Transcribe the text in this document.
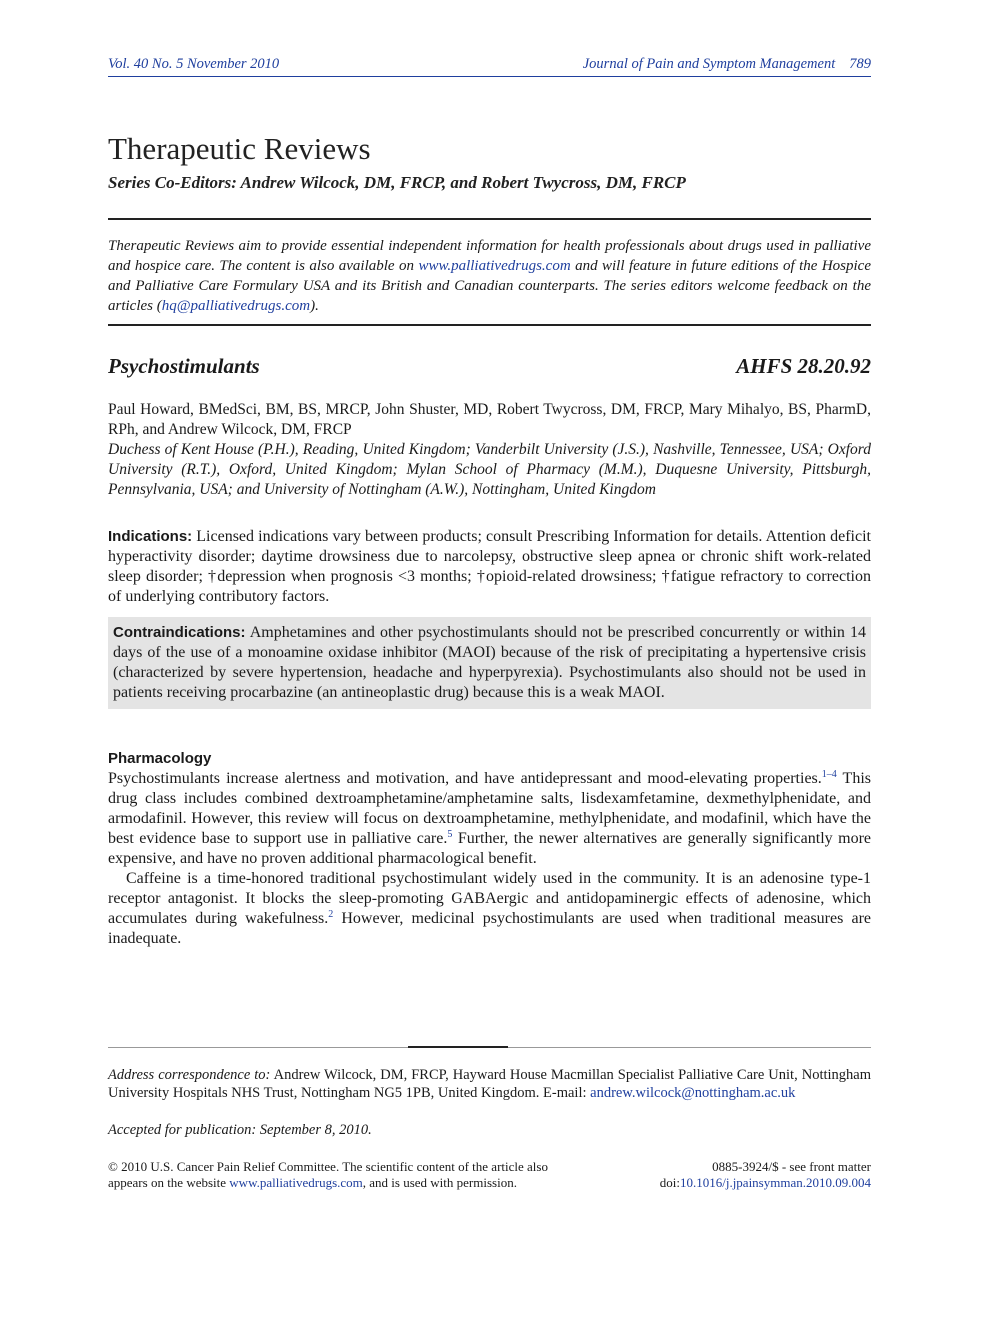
Vol. 40 No. 5 November 2010	Journal of Pain and Symptom Management 789
Therapeutic Reviews
Series Co-Editors: Andrew Wilcock, DM, FRCP, and Robert Twycross, DM, FRCP
Therapeutic Reviews aim to provide essential independent information for health professionals about drugs used in palliative and hospice care. The content is also available on www.palliativedrugs.com and will feature in future editions of the Hospice and Palliative Care Formulary USA and its British and Canadian counterparts. The series editors welcome feedback on the articles (hq@palliativedrugs.com).
Psychostimulants	AHFS 28.20.92
Paul Howard, BMedSci, BM, BS, MRCP, John Shuster, MD, Robert Twycross, DM, FRCP, Mary Mihalyo, BS, PharmD, RPh, and Andrew Wilcock, DM, FRCP
Duchess of Kent House (P.H.), Reading, United Kingdom; Vanderbilt University (J.S.), Nashville, Tennessee, USA; Oxford University (R.T.), Oxford, United Kingdom; Mylan School of Pharmacy (M.M.), Duquesne University, Pittsburgh, Pennsylvania, USA; and University of Nottingham (A.W.), Nottingham, United Kingdom
Indications: Licensed indications vary between products; consult Prescribing Information for details. Attention deficit hyperactivity disorder; daytime drowsiness due to narcolepsy, obstructive sleep apnea or chronic shift work-related sleep disorder; †depression when prognosis <3 months; †opioid-related drowsiness; †fatigue refractory to correction of underlying contributory factors.
Contraindications: Amphetamines and other psychostimulants should not be prescribed concurrently or within 14 days of the use of a monoamine oxidase inhibitor (MAOI) because of the risk of precipitating a hypertensive crisis (characterized by severe hypertension, headache and hyperpyrexia). Psychostimulants also should not be used in patients receiving procarbazine (an antineoplastic drug) because this is a weak MAOI.
Pharmacology

Psychostimulants increase alertness and motivation, and have antidepressant and mood-elevating properties.$^{1-4}$ This drug class includes combined dextroamphetamine/amphetamine salts, lisdexamfetamine, dexmethylphenidate, and armodafinil. However, this review will focus on dextroamphetamine, methylphenidate, and modafinil, which have the best evidence base to support use in palliative care.$^5$ Further, the newer alternatives are generally significantly more expensive, and have no proven additional pharmacological benefit.

Caffeine is a time-honored traditional psychostimulant widely used in the community. It is an adenosine type-1 receptor antagonist. It blocks the sleep-promoting GABAergic and antidopaminergic effects of adenosine, which accumulates during wakefulness.$^2$ However, medicinal psychostimulants are used when traditional measures are inadequate.

Address correspondence to: Andrew Wilcock, DM, FRCP, Hayward House Macmillan Specialist Palliative Care Unit, Nottingham University Hospitals NHS Trust, Nottingham NG5 1PB, United Kingdom. E-mail: andrew.wilcock@nottingham.ac.uk
Accepted for publication: September 8, 2010.
© 2010 U.S. Cancer Pain Relief Committee. The scientific content of the article also appears on the website www.palliativedrugs.com, and is used with permission.
0885-3924/$ - see front matter
doi:10.1016/j.jpainsymman.2010.09.004
